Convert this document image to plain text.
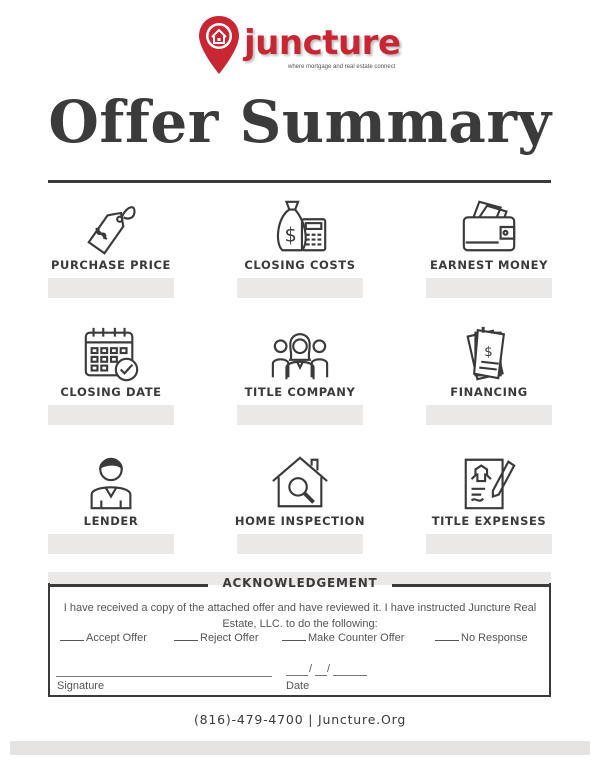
juncture
where mortgage and real estate connect
Offer Summary
PURCHASE PRICE
$
CLOSING COSTS	EARNEST MONEY
CLOSING DATE	TITLE COMPANY
$
FINANCING
LENDER	HOME INSPECTION	TITLE EXPENSES
ACKNOWLEDGEMENT
I have received a copy of the attached offer and have reviewed it. I have instructed Juncture Real Estate, LLC. to do the following:
Accept Offer	Reject Offer	Make Counter Offer	No Response
Signature
/ /
Date
(816)-479-4700 | Juncture.Org
